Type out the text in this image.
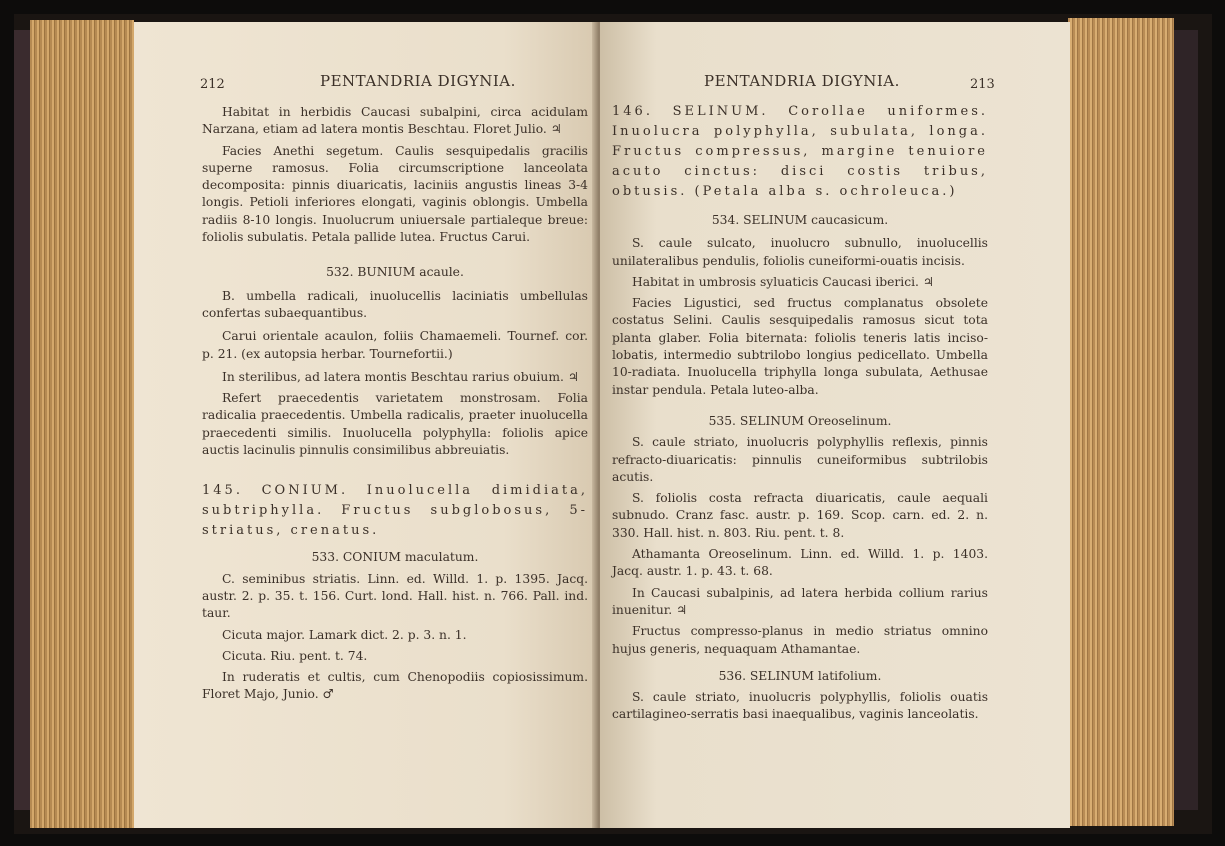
212	PENTANDRIA DIGYNIA.

Habitat in herbidis Caucasi subalpini, circa acidulam Narzana, etiam ad latera montis Beschtau. Floret Julio. ♃

Facies Anethi segetum. Caulis sesquipedalis gracilis superne ramosus. Folia circumscriptione lanceolata decomposita: pinnis diuaricatis, laciniis angustis lineas 3-4 longis. Petioli inferiores elongati, vaginis oblongis. Umbella radiis 8-10 longis. Inuolucrum uniuersale partialeque breue: foliolis subulatis. Petala pallide lutea. Fructus Carui.

532. BUNIUM acaule.

B. umbella radicali, inuolucellis laciniatis umbellulas confertas subaequantibus.

Carui orientale acaulon, foliis Chamaemeli. Tournef. cor. p. 21. (ex autopsia herbar. Tournefortii.)

In sterilibus, ad latera montis Beschtau rarius obuium. ♃

Refert praecedentis varietatem monstrosam. Folia radicalia praecedentis. Umbella radicalis, praeter inuolucella praecedenti similis. Inuolucella polyphylla: foliolis apice auctis lacinulis pinnulis consimilibus abbreuiatis.

145. CONIUM. Inuolucella dimidiata, subtriphylla. Fructus subglobosus, 5-striatus, crenatus.

533. CONIUM maculatum.

C. seminibus striatis. Linn. ed. Willd. 1. p. 1395. Jacq. austr. 2. p. 35. t. 156. Curt. lond. Hall. hist. n. 766. Pall. ind. taur.

Cicuta major. Lamark dict. 2. p. 3. n. 1.

Cicuta. Riu. pent. t. 74.

In ruderatis et cultis, cum Chenopodiis copiosissimum. Floret Majo, Junio. ♂

PENTANDRIA DIGYNIA.	213

146. SELINUM. Corollae uniformes. Inuolucra polyphylla, subulata, longa. Fructus compressus, margine tenuiore acuto cinctus: disci costis tribus, obtusis. (Petala alba s. ochroleuca.)

534. SELINUM caucasicum.

S. caule sulcato, inuolucro subnullo, inuolucellis unilateralibus pendulis, foliolis cuneiformi-ouatis incisis.

Habitat in umbrosis syluaticis Caucasi iberici. ♃

Facies Ligustici, sed fructus complanatus obsolete costatus Selini. Caulis sesquipedalis ramosus sicut tota planta glaber. Folia biternata: foliolis teneris latis inciso-lobatis, intermedio subtrilobo longius pedicellato. Umbella 10-radiata. Inuolucella triphylla longa subulata, Aethusae instar pendula. Petala luteo-alba.

535. SELINUM Oreoselinum.

S. caule striato, inuolucris polyphyllis reflexis, pinnis refracto-diuaricatis: pinnulis cuneiformibus subtrilobis acutis.

S. foliolis costa refracta diuaricatis, caule aequali subnudo. Cranz fasc. austr. p. 169. Scop. carn. ed. 2. n. 330. Hall. hist. n. 803. Riu. pent. t. 8.

Athamanta Oreoselinum. Linn. ed. Willd. 1. p. 1403. Jacq. austr. 1. p. 43. t. 68.

In Caucasi subalpinis, ad latera herbida collium rarius inuenitur. ♃

Fructus compresso-planus in medio striatus omnino hujus generis, nequaquam Athamantae.

536. SELINUM latifolium.

S. caule striato, inuolucris polyphyllis, foliolis ouatis cartilagineo-serratis basi inaequalibus, vaginis lanceolatis.
